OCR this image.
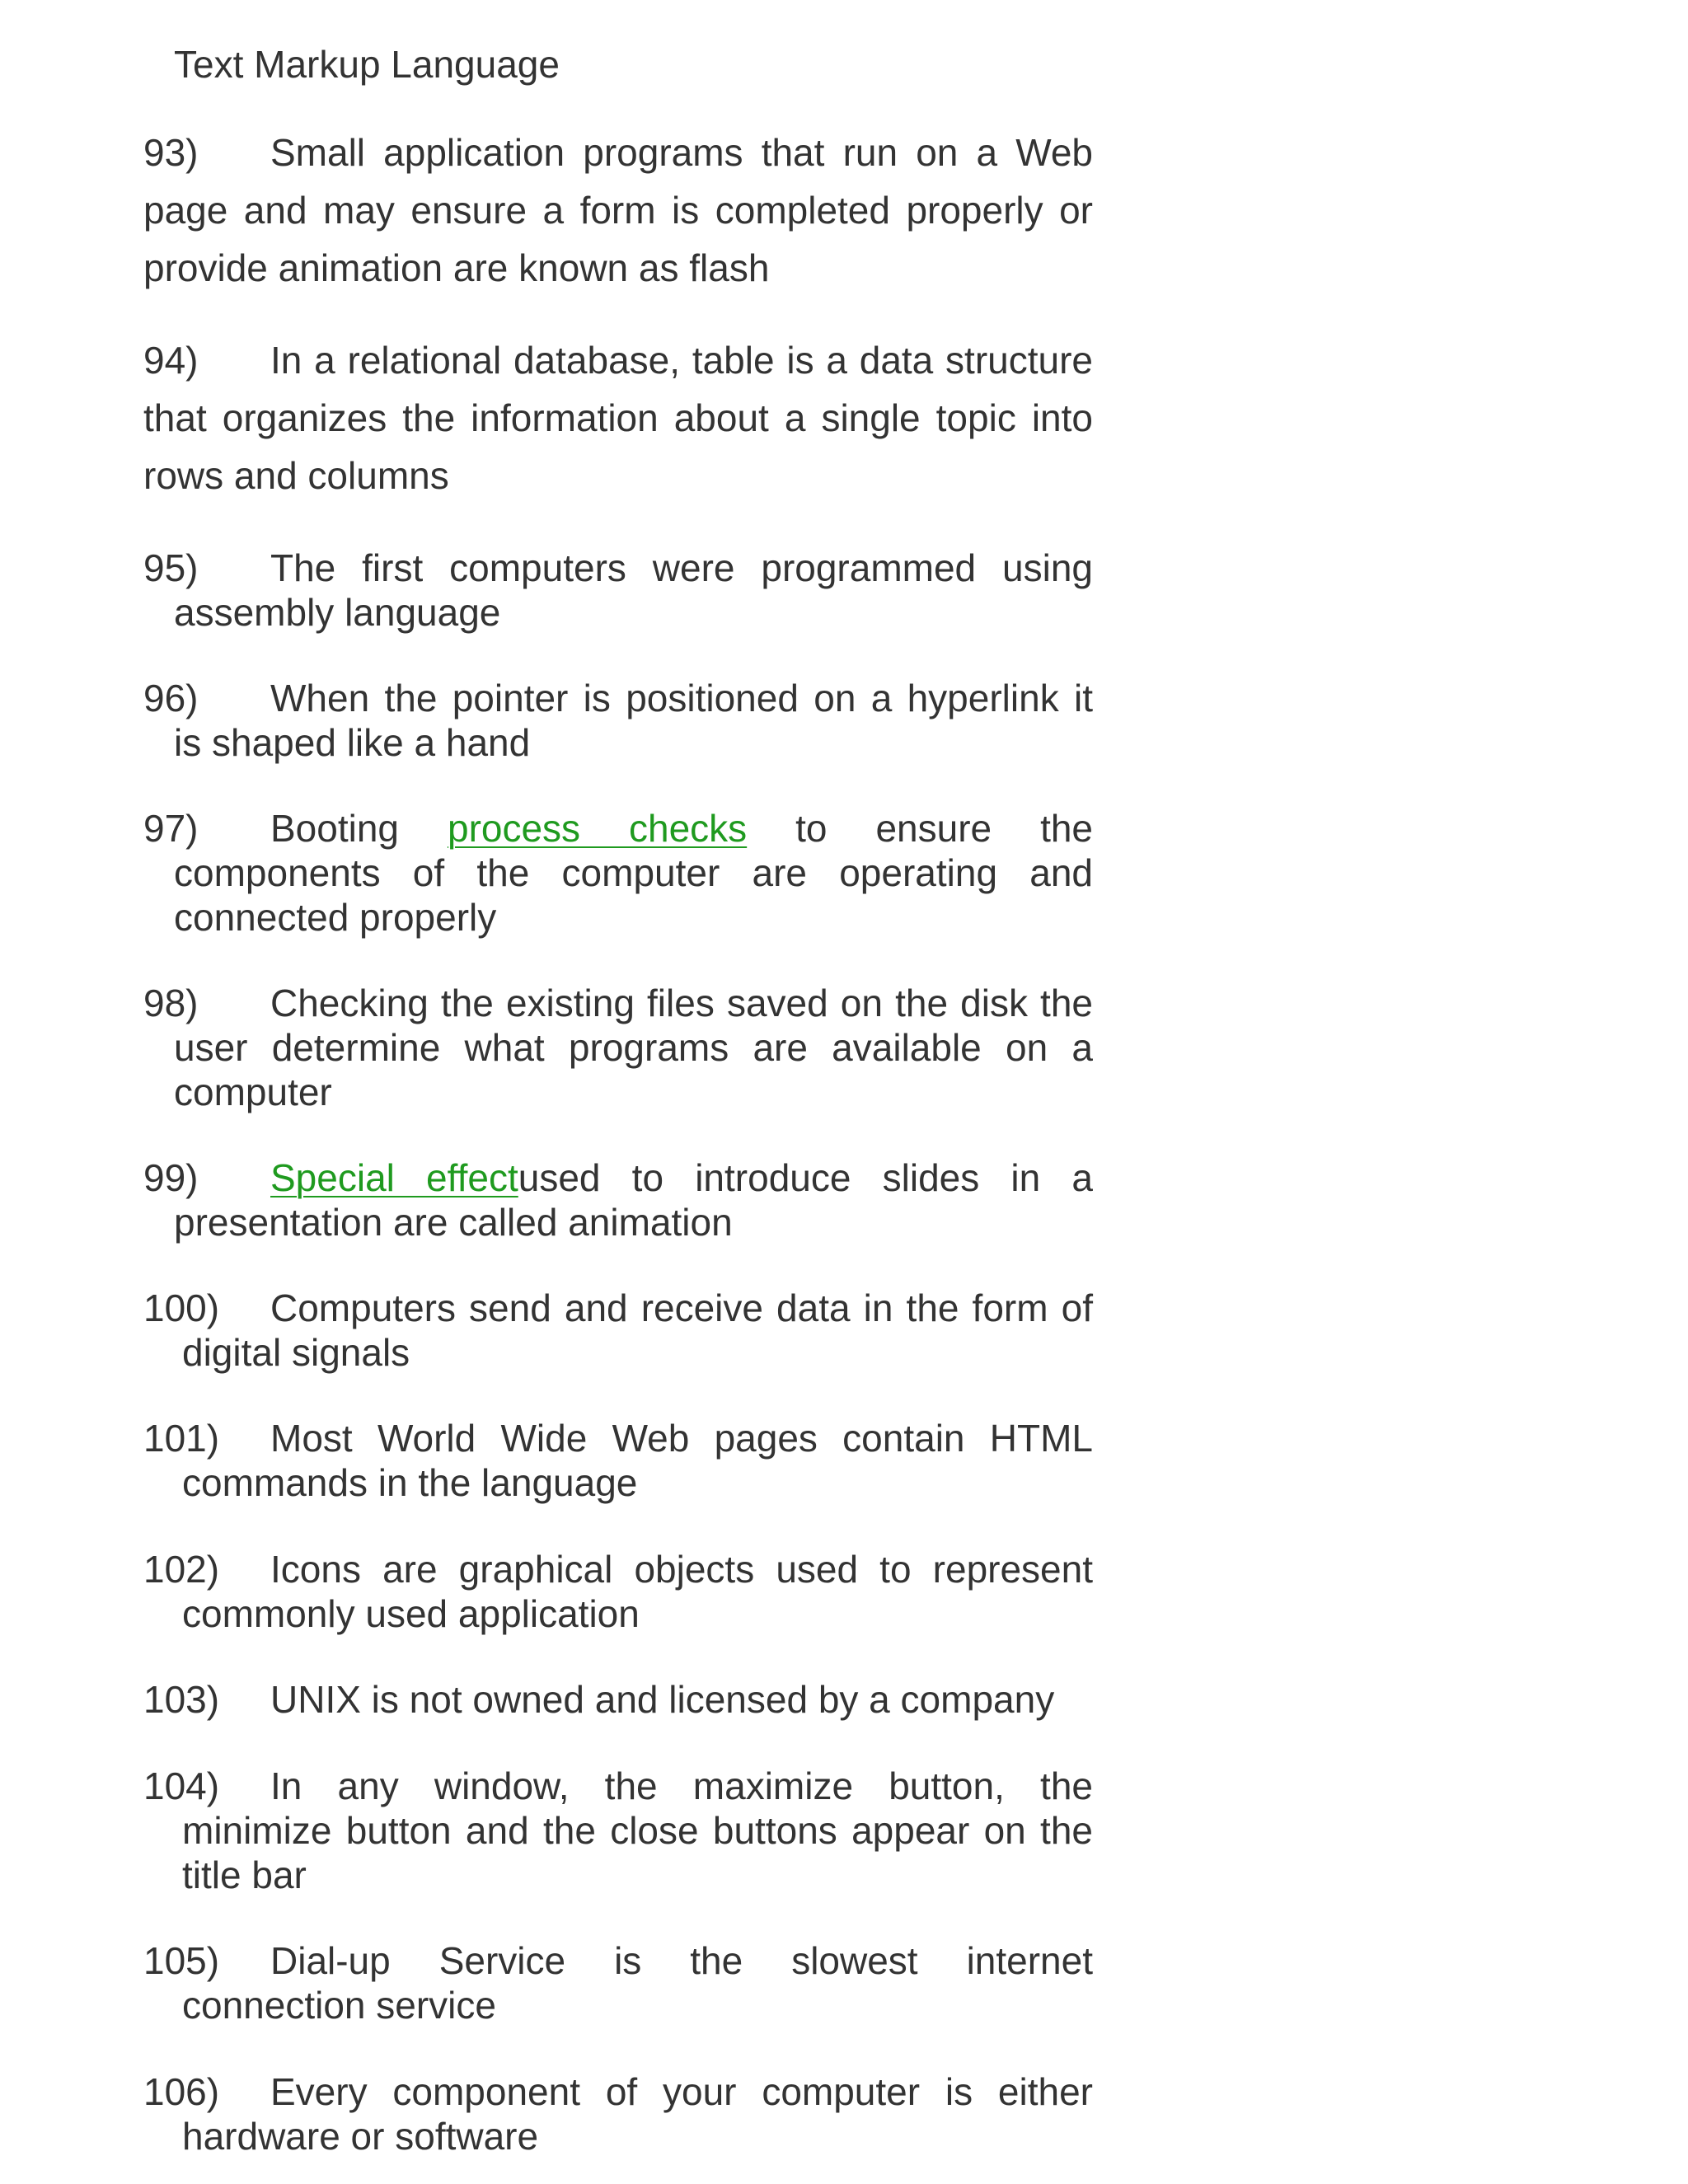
Text Markup Language
93) Small application programs that run on a Web page and may ensure a form is completed properly or provide animation are known as flash
94) In a relational database, table is a data structure that organizes the information about a single topic into rows and columns
95) The first computers were programmed using assembly language
96) When the pointer is positioned on a hyperlink it is shaped like a hand
97) Booting process checks to ensure the components of the computer are operating and connected properly
98) Checking the existing files saved on the disk the user determine what programs are available on a computer
99) Special effectused to introduce slides in a presentation are called animation
100) Computers send and receive data in the form of digital signals
101) Most World Wide Web pages contain HTML commands in the language
102) Icons are graphical objects used to represent commonly used application
103) UNIX is not owned and licensed by a company
104) In any window, the maximize button, the minimize button and the close buttons appear on the title bar
105) Dial-up Service is the slowest internet connection service
106) Every component of your computer is either hardware or software
